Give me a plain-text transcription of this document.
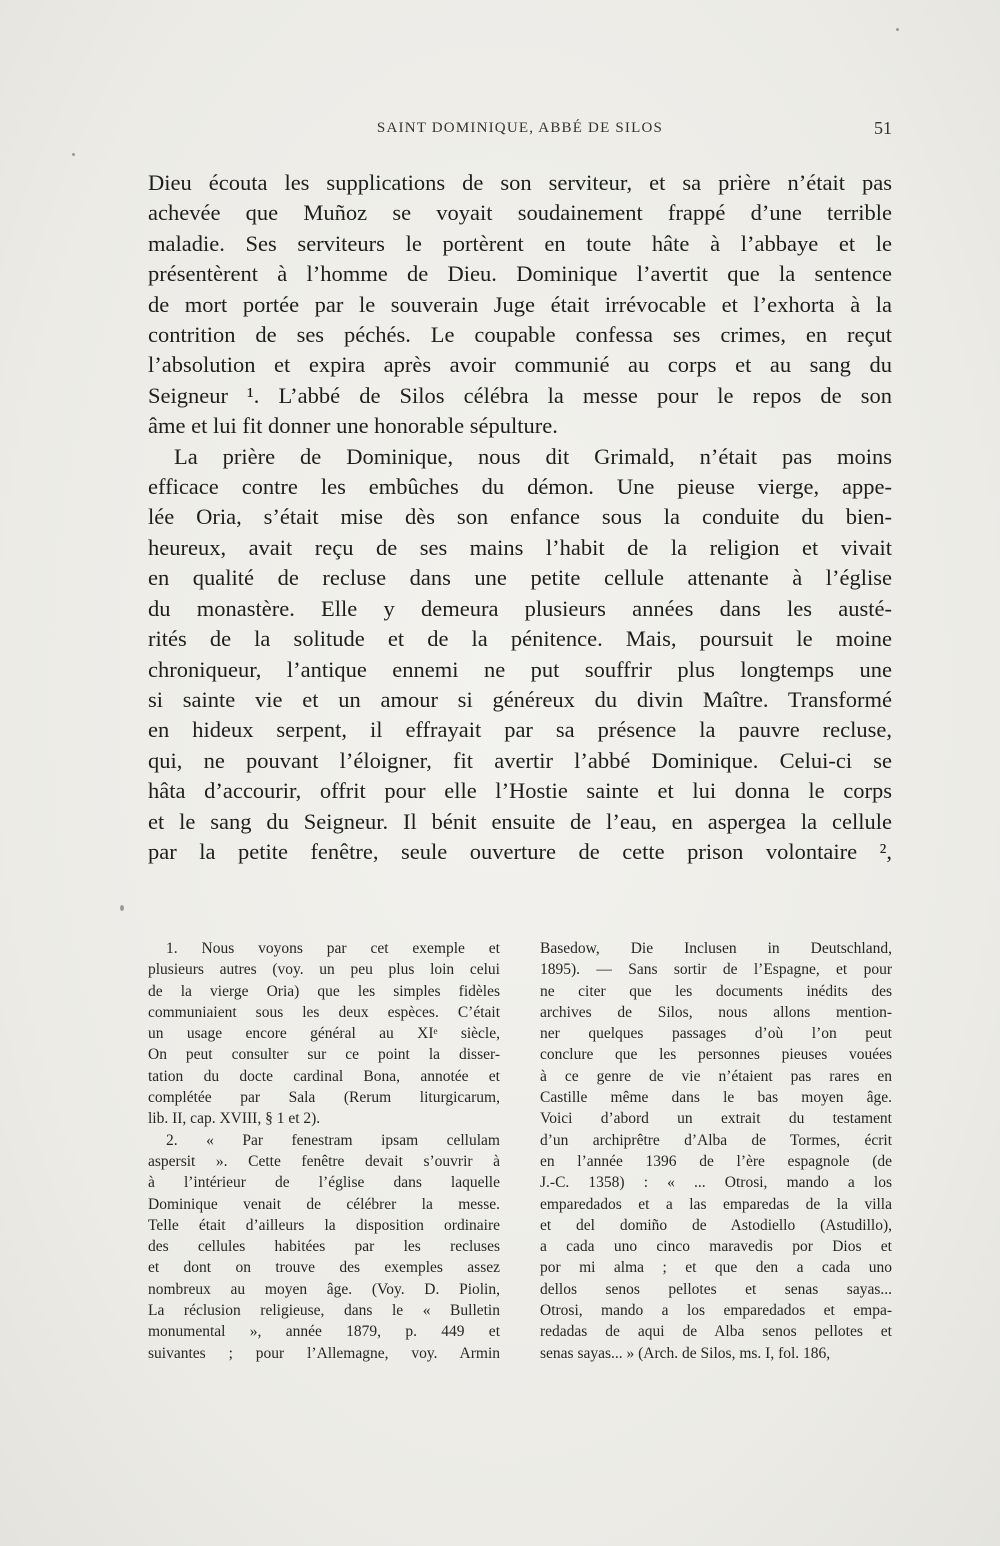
SAINT DOMINIQUE, ABBÉ DE SILOS	51

Dieu écouta les supplications de son serviteur, et sa prière n’était pas

achevée que Muñoz se voyait soudainement frappé d’une terrible

maladie. Ses serviteurs le portèrent en toute hâte à l’abbaye et le

présentèrent à l’homme de Dieu. Dominique l’avertit que la sentence

de mort portée par le souverain Juge était irrévocable et l’exhorta à la

contrition de ses péchés. Le coupable confessa ses crimes, en reçut

l’absolution et expira après avoir communié au corps et au sang du

Seigneur ¹. L’abbé de Silos célébra la messe pour le repos de son

âme et lui fit donner une honorable sépulture.

La prière de Dominique, nous dit Grimald, n’était pas moins

efficace contre les embûches du démon. Une pieuse vierge, appe-

lée Oria, s’était mise dès son enfance sous la conduite du bien-

heureux, avait reçu de ses mains l’habit de la religion et vivait

en qualité de recluse dans une petite cellule attenante à l’église

du monastère. Elle y demeura plusieurs années dans les austé-

rités de la solitude et de la pénitence. Mais, poursuit le moine

chroniqueur, l’antique ennemi ne put souffrir plus longtemps une

si sainte vie et un amour si généreux du divin Maître. Transformé

en hideux serpent, il effrayait par sa présence la pauvre recluse,

qui, ne pouvant l’éloigner, fit avertir l’abbé Dominique. Celui-ci se

hâta d’accourir, offrit pour elle l’Hostie sainte et lui donna le corps

et le sang du Seigneur. Il bénit ensuite de l’eau, en aspergea la cellule

par la petite fenêtre, seule ouverture de cette prison volontaire ²,

1. Nous voyons par cet exemple et

plusieurs autres (voy. un peu plus loin celui

de la vierge Oria) que les simples fidèles

communiaient sous les deux espèces. C’était

un usage encore général au XIᵉ siècle,

On peut consulter sur ce point la disser-

tation du docte cardinal Bona, annotée et

complétée par Sala (Rerum liturgicarum,

lib. II, cap. XVIII, § 1 et 2).

2. « Par fenestram ipsam cellulam

aspersit ». Cette fenêtre devait s’ouvrir à

à l’intérieur de l’église dans laquelle

Dominique venait de célébrer la messe.

Telle était d’ailleurs la disposition ordinaire

des cellules habitées par les recluses

et dont on trouve des exemples assez

nombreux au moyen âge. (Voy. D. Piolin,

La réclusion religieuse, dans le « Bulletin

monumental », année 1879, p. 449 et

suivantes ; pour l’Allemagne, voy. Armin

Basedow, Die Inclusen in Deutschland,

1895). — Sans sortir de l’Espagne, et pour

ne citer que les documents inédits des

archives de Silos, nous allons mention-

ner quelques passages d’où l’on peut

conclure que les personnes pieuses vouées

à ce genre de vie n’étaient pas rares en

Castille même dans le bas moyen âge.

Voici d’abord un extrait du testament

d’un archiprêtre d’Alba de Tormes, écrit

en l’année 1396 de l’ère espagnole (de

J.-C. 1358) : « ... Otrosi, mando a los

emparedados et a las emparedas de la villa

et del domiño de Astodiello (Astudillo),

a cada uno cinco maravedis por Dios et

por mi alma ; et que den a cada uno

dellos senos pellotes et senas sayas...

Otrosi, mando a los emparedados et empa-

redadas de aqui de Alba senos pellotes et

senas sayas... » (Arch. de Silos, ms. I, fol. 186,
